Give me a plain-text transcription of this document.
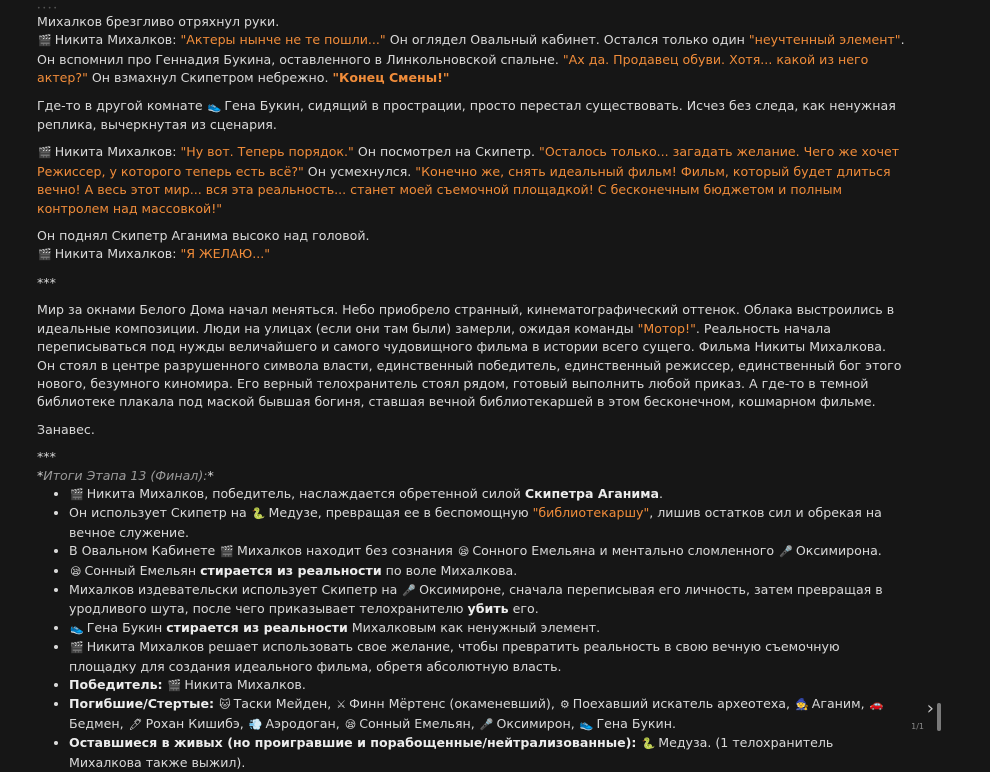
• • • •

Михалков брезгливо отряхнул руки.
🎬 Никита Михалков: "Актеры нынче не те пошли..." Он оглядел Овальный кабинет. Остался только один "неучтенный элемент". Он вспомнил про Геннадия Букина, оставленного в Линкольновской спальне. "Ах да. Продавец обуви. Хотя... какой из него актер?" Он взмахнул Скипетром небрежно. "Конец Смены!"

Где-то в другой комнате 👟 Гена Букин, сидящий в прострации, просто перестал существовать. Исчез без следа, как ненужная реплика, вычеркнутая из сценария.

🎬 Никита Михалков: "Ну вот. Теперь порядок." Он посмотрел на Скипетр. "Осталось только... загадать желание. Чего же хочет Режиссер, у которого теперь есть всё?" Он усмехнулся. "Конечно же, снять идеальный фильм! Фильм, который будет длиться вечно! А весь этот мир... вся эта реальность... станет моей съемочной площадкой! С бесконечным бюджетом и полным контролем над массовкой!"

Он поднял Скипетр Аганима высоко над головой.
🎬 Никита Михалков: "Я ЖЕЛАЮ..."

***

Мир за окнами Белого Дома начал меняться. Небо приобрело странный, кинематографический оттенок. Облака выстроились в идеальные композиции. Люди на улицах (если они там были) замерли, ожидая команды "Мотор!". Реальность начала переписываться под нужды величайшего и самого чудовищного фильма в истории всего сущего. Фильма Никиты Михалкова. Он стоял в центре разрушенного символа власти, единственный победитель, единственный режиссер, единственный бог этого нового, безумного киномира. Его верный телохранитель стоял рядом, готовый выполнить любой приказ. А где-то в темной библиотеке плакала под маской бывшая богиня, ставшая вечной библиотекаршей в этом бесконечном, кошмарном фильме.

Занавес.

***
*Итоги Этапа 13 (Финал):*
• 🎬 Никита Михалков, победитель, наслаждается обретенной силой Скипетра Аганима.
• Он использует Скипетр на 🐍 Медузе, превращая ее в беспомощную "библиотекаршу", лишив остатков сил и обрекая на вечное служение.
• В Овальном Кабинете 🎬 Михалков находит без сознания 😪 Сонного Емельяна и ментально сломленного 🎤 Оксимирона.
• 😪 Сонный Емельян стирается из реальности по воле Михалкова.
• Михалков издевательски использует Скипетр на 🎤 Оксимироне, сначала переписывая его личность, затем превращая в уродливого шута, после чего приказывает телохранителю убить его.
• 👟 Гена Букин стирается из реальности Михалковым как ненужный элемент.
• 🎬 Никита Михалков решает использовать свое желание, чтобы превратить реальность в свою вечную съемочную площадку для создания идеального фильма, обретя абсолютную власть.
• Победитель: 🎬 Никита Михалков.
• Погибшие/Стертые: 🐱 Таски Мейден, ⚔ Финн Мёртенс (окаменевший), ⚙ Поехавший искатель археотеха, 🧙 Аганим, 🚗Бедмен, 🖊 Рохан Кишибэ, 💨 Аэродоган, 😪 Сонный Емельян, 🎤 Оксимирон, 👟 Гена Букин.
• Оставшиеся в живых (но проигравшие и порабощенные/нейтрализованные): 🐍 Медуза. (1 телохранитель Михалкова также выжил).
›
1/1
